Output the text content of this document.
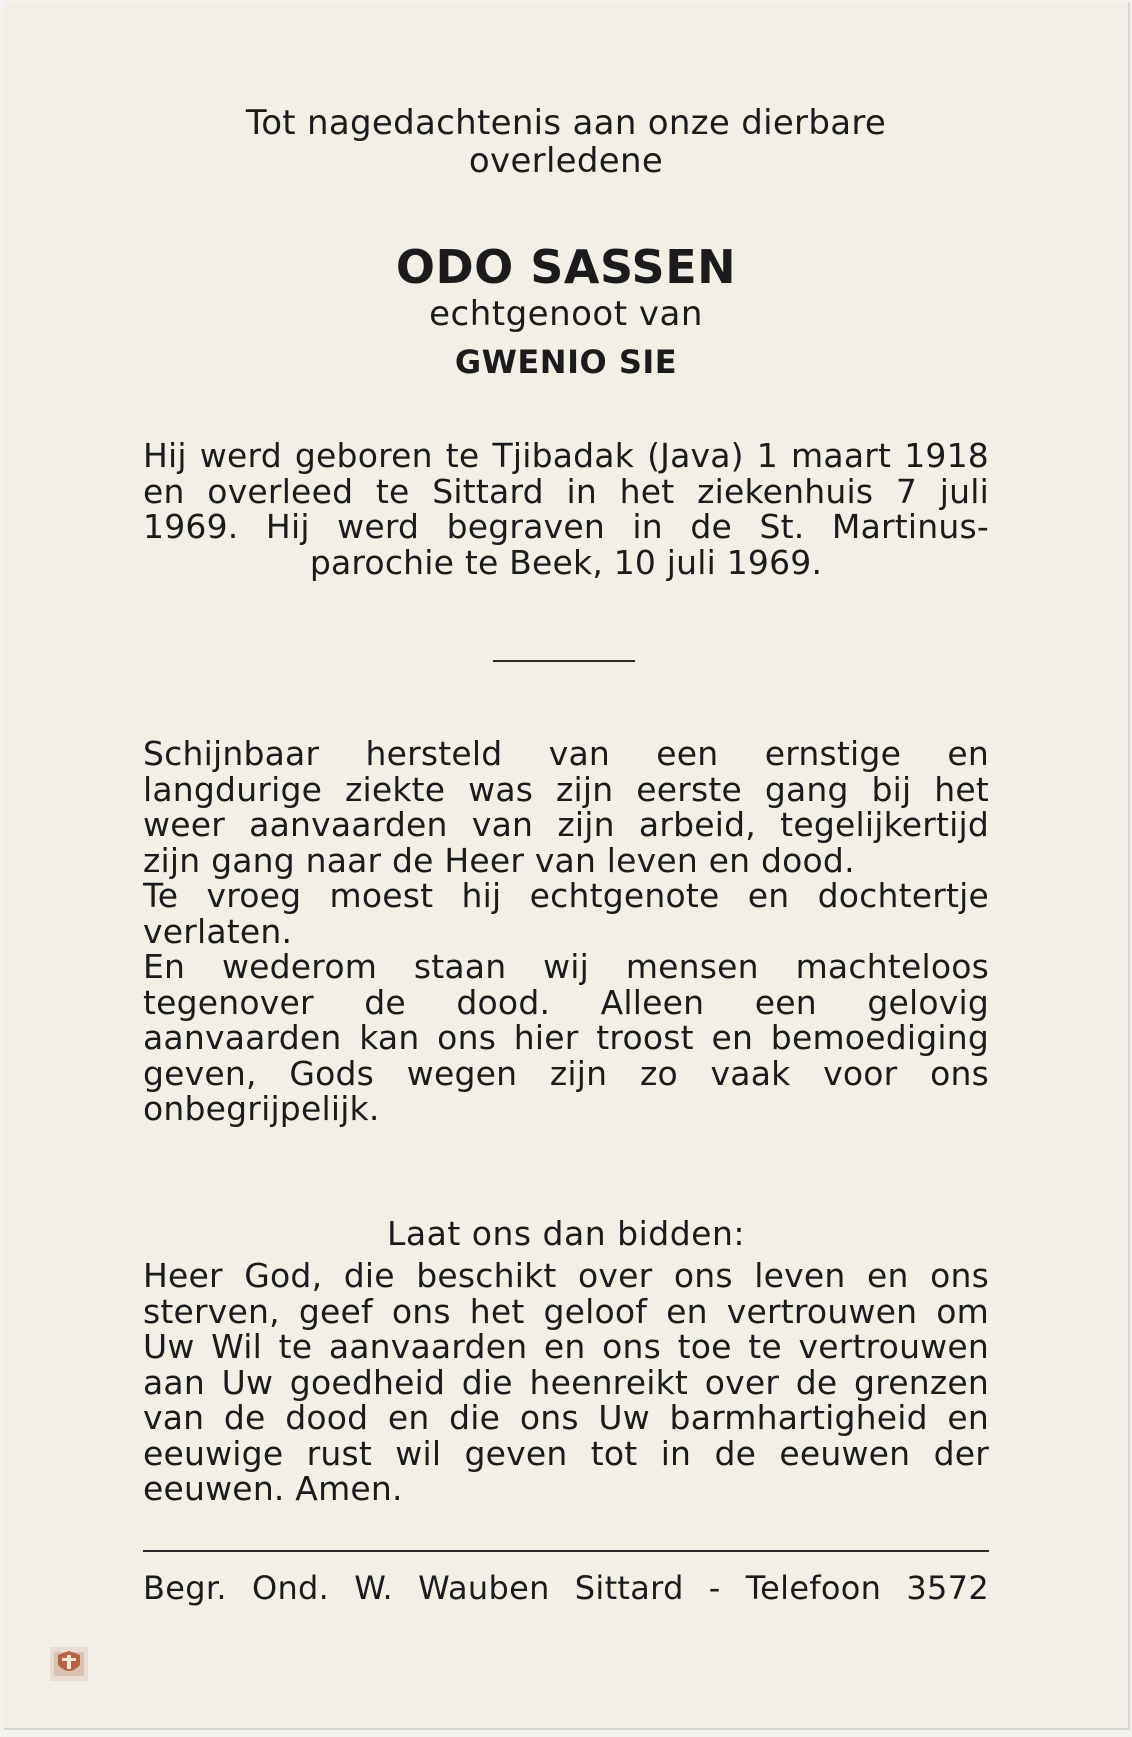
Tot nagedachtenis aan onze dierbare
overledene
ODO SASSEN
echtgenoot van
GWENIO SIE
Hij werd geboren te Tjibadak (Java) 1 maart 1918 en overleed te Sittard in het ziekenhuis 7 juli 1969. Hij werd begraven in de St. Martinus-parochie te Beek, 10 juli 1969.

Schijnbaar hersteld van een ernstige en langdurige ziekte was zijn eerste gang bij het weer aanvaarden van zijn arbeid, tegelijkertijd zijn gang naar de Heer van leven en dood.

Te vroeg moest hij echtgenote en dochtertje verlaten.

En wederom staan wij mensen machteloos tegenover de dood. Alleen een gelovig aanvaarden kan ons hier troost en bemoediging geven, Gods wegen zijn zo vaak voor ons onbegrijpelijk.

Laat ons dan bidden:
Heer God, die beschikt over ons leven en ons sterven, geef ons het geloof en vertrouwen om Uw Wil te aanvaarden en ons toe te vertrouwen aan Uw goedheid die heenreikt over de grenzen van de dood en die ons Uw barmhartigheid en eeuwige rust wil geven tot in de eeuwen der eeuwen. Amen.
Begr. Ond. W. Wauben Sittard - Telefoon 3572
